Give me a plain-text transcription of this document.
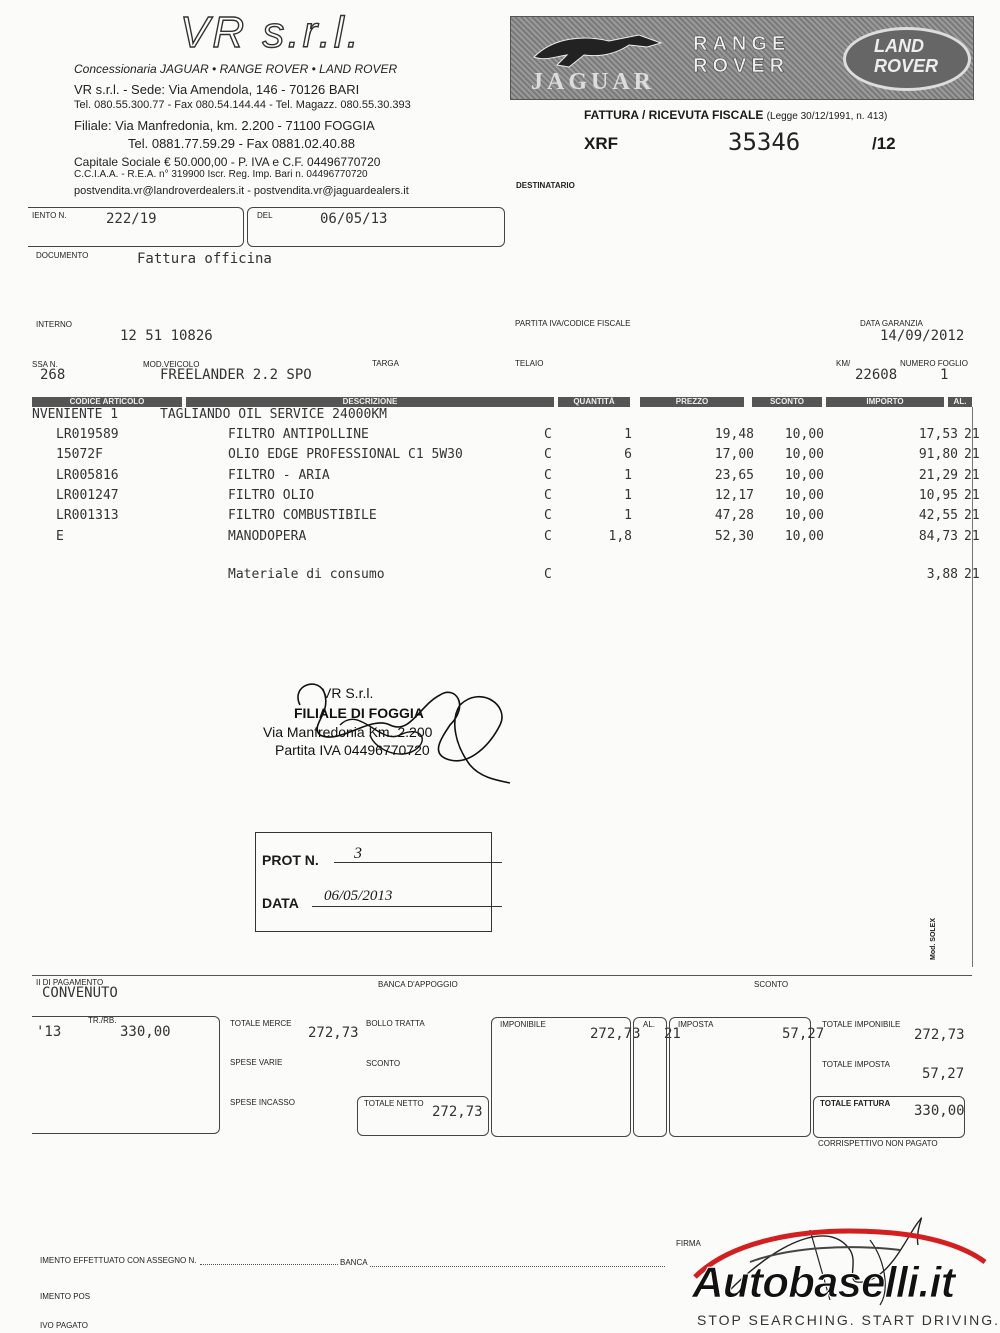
VR s.r.l.
Concessionaria JAGUAR • RANGE ROVER • LAND ROVER
VR s.r.l. - Sede: Via Amendola, 146 - 70126 BARI
Tel. 080.55.300.77 - Fax 080.54.144.44 - Tel. Magazz. 080.55.30.393
Filiale: Via Manfredonia, km. 2.200 - 71100 FOGGIA
Tel. 0881.77.59.29 - Fax 0881.02.40.88
Capitale Sociale € 50.000,00 - P. IVA e C.F. 04496770720
C.C.I.A.A. - R.E.A. n° 319900 Iscr. Reg. Imp. Bari n. 04496770720
postvendita.vr@landroverdealers.it - postvendita.vr@jaguardealers.it
JAGUAR
RANGE
ROVER
LAND
ROVER
FATTURA / RICEVUTA FISCALE (Legge 30/12/1991, n. 413)
XRF	35346	/12
DESTINATARIO
IENTO N.	222/19	DEL	06/05/13
DOCUMENTO	Fattura officina
INTERNO
12 51 10826
PARTITA IVA/CODICE FISCALE	DATA GARANZIA
14/09/2012
SSA N.
268
MOD.VEICOLO
FREELANDER 2.2 SPO
TARGA	TELAIO	KM/
22608
NUMERO FOGLIO
1
CODICE ARTICOLO	DESCRIZIONE	QUANTITÀ	PREZZO	SCONTO	IMPORTO	AL.
NVENIENTE 1	TAGLIANDO OIL SERVICE 24000KM
LR019589	FILTRO ANTIPOLLINE	C	1	19,48 10,00	17,53 21
15072F	OLIO EDGE PROFESSIONAL C1 5W30	C	6	17,00 10,00	91,80 21
LR005816	FILTRO - ARIA	C	1	23,65 10,00	21,29 21
LR001247	FILTRO OLIO	C	1	12,17 10,00	10,95 21
LR001313	FILTRO COMBUSTIBILE	C	1	47,28 10,00	42,55 21
E	MANODOPERA	C	1,8	52,30 10,00	84,73 21
Materiale di consumo	C	3,88 21
VR S.r.l.
FILIALE DI FOGGIA
Via Manfredonia Km. 2.200
Partita IVA 04496770720
PROT N. 3
DATA 06/05/2013
Mod. SOLEX
II DI PAGAMENTO
CONVENUTO
BANCA D'APPOGGIO	SCONTO
TR./RB.
'13	330,00
TOTALE MERCE
272,73
SPESE VARIE
SPESE INCASSO
BOLLO TRATTA
SCONTO
TOTALE NETTO
272,73
IMPONIBILE
272,73
AL.
21
IMPOSTA
57,27
TOTALE IMPONIBILE
272,73
TOTALE IMPOSTA
57,27
TOTALE FATTURA 330,00
CORRISPETTIVO NON PAGATO
IMENTO EFFETTUATO CON ASSEGNO N.	BANCA
FIRMA
IMENTO POS
IVO PAGATO
Autobaselli.it
STOP SEARCHING. START DRIVING.
